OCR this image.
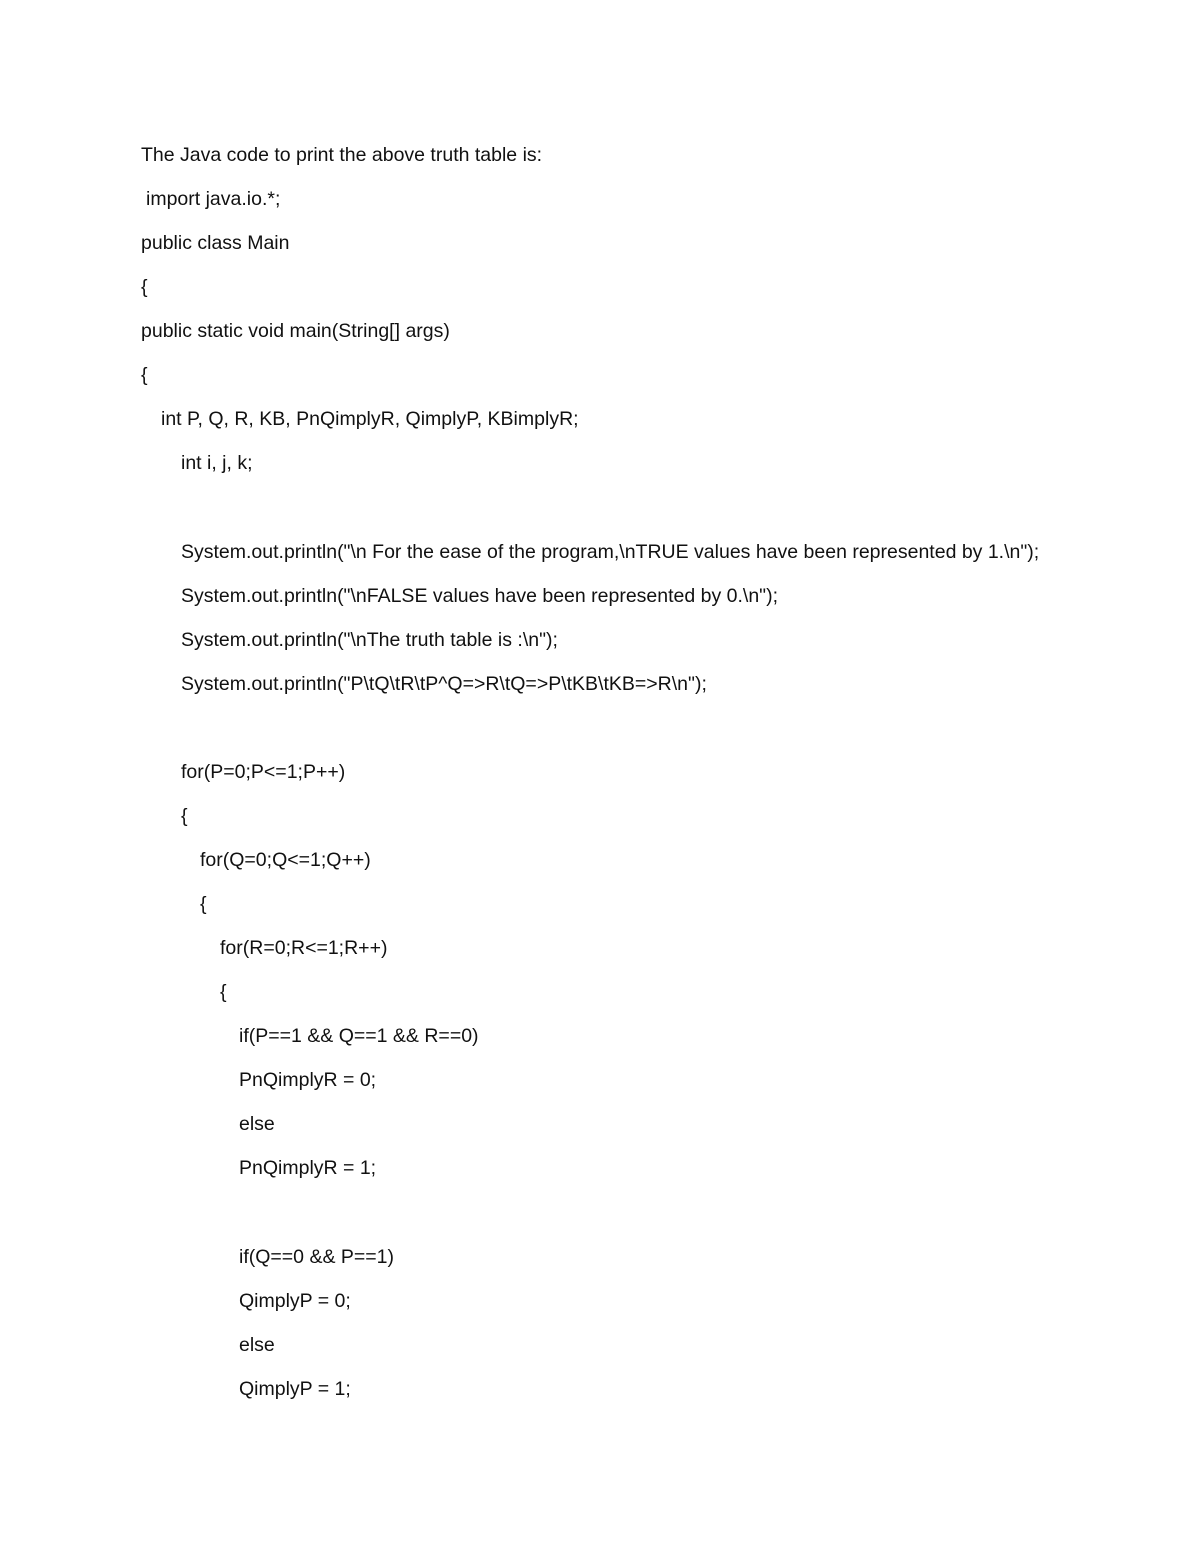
The Java code to print the above truth table is:
import java.io.*;
public class Main
{
public static void main(String[] args)
{
int P, Q, R, KB, PnQimplyR, QimplyP, KBimplyR;
int i, j, k;
System.out.println("\n For the ease of the program,\nTRUE values have been represented by 1.\n");
System.out.println("\nFALSE values have been represented by 0.\n");
System.out.println("\nThe truth table is :\n");
System.out.println("P\tQ\tR\tP^Q=>R\tQ=>P\tKB\tKB=>R\n");
for(P=0;P<=1;P++)
{
for(Q=0;Q<=1;Q++)
{
for(R=0;R<=1;R++)
{
if(P==1 && Q==1 && R==0)
PnQimplyR = 0;
else
PnQimplyR = 1;
if(Q==0 && P==1)
QimplyP = 0;
else
QimplyP = 1;
